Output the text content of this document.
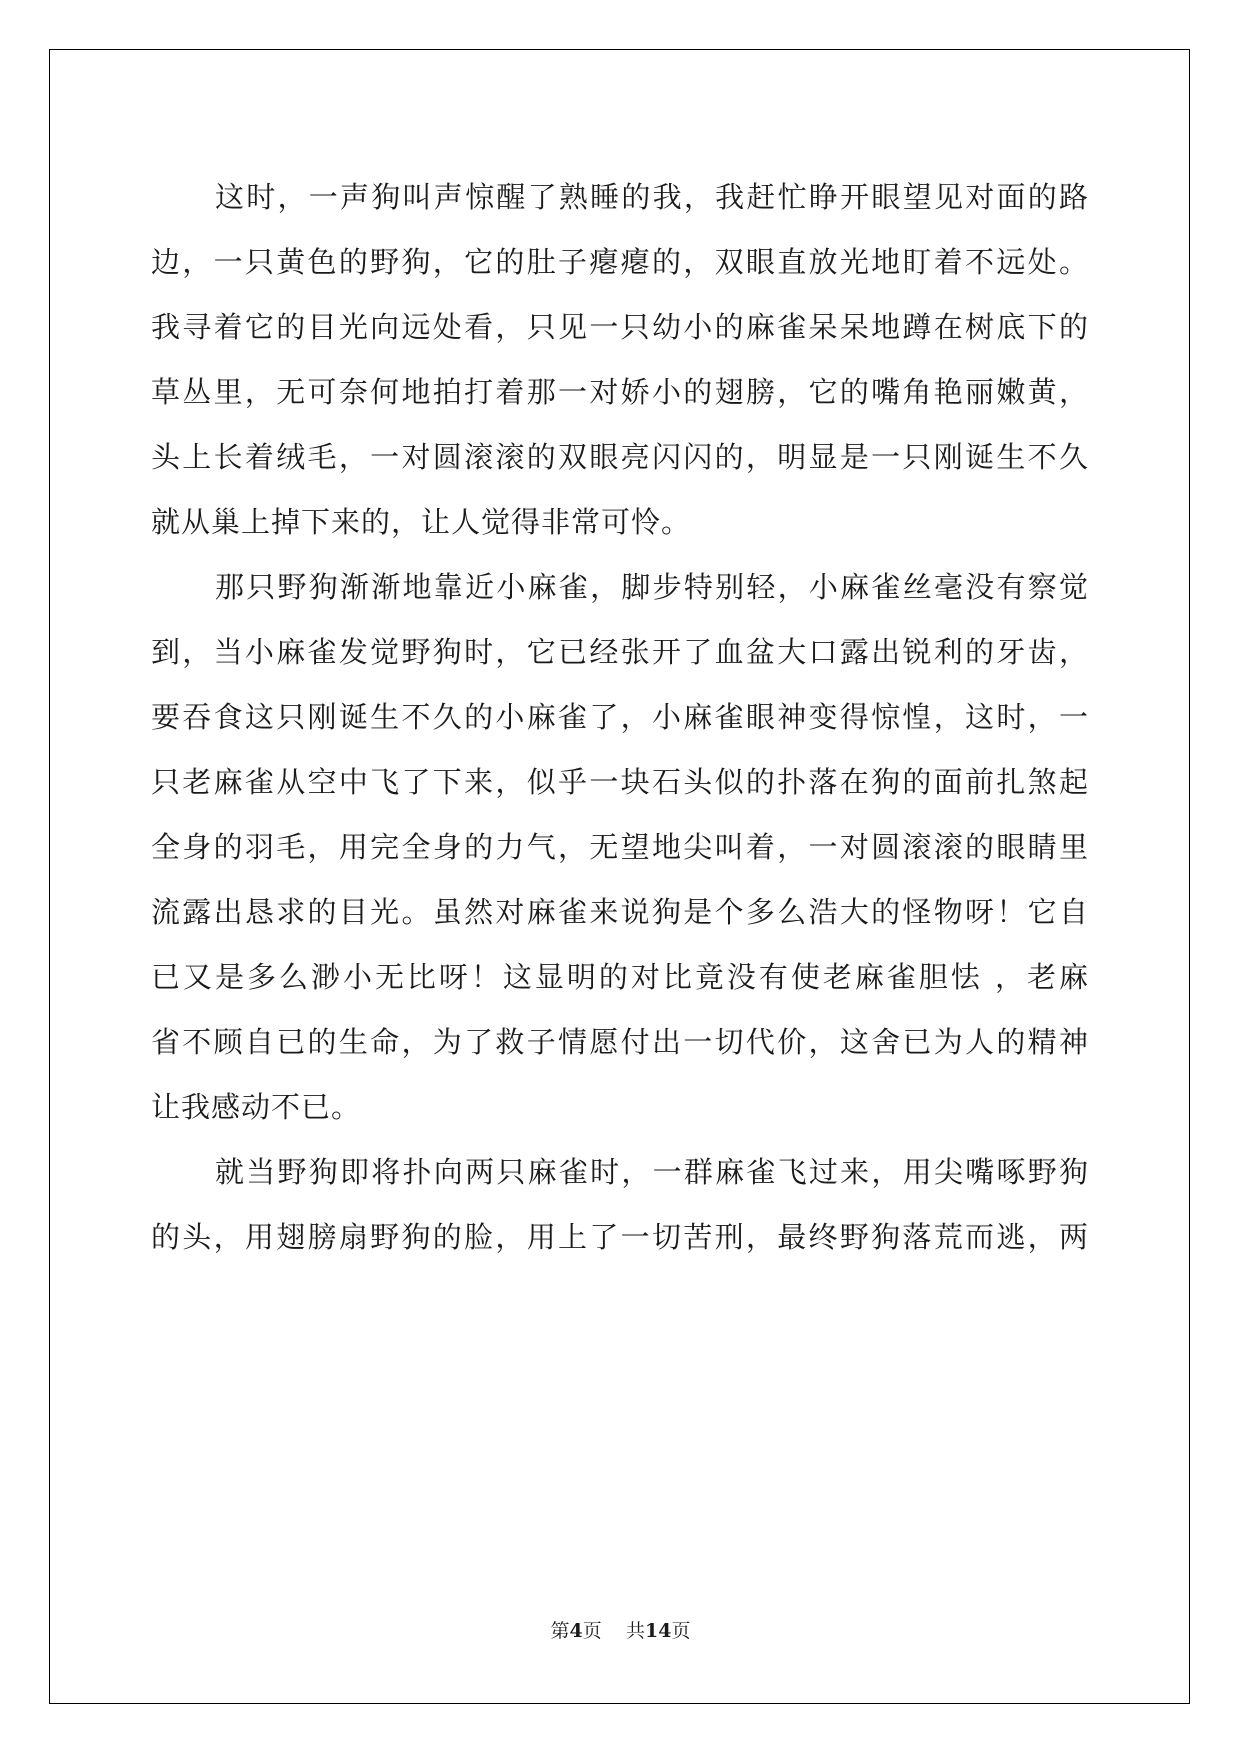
这时，一声狗叫声惊醒了熟睡的我，我赶忙睁开眼望见对面的路
边，一只黄色的野狗，它的肚子瘪瘪的，双眼直放光地盯着不远处。
我寻着它的目光向远处看，只见一只幼小的麻雀呆呆地蹲在树底下的
草丛里，无可奈何地拍打着那一对娇小的翅膀，它的嘴角艳丽嫩黄，
头上长着绒毛，一对圆滚滚的双眼亮闪闪的，明显是一只刚诞生不久
就从巢上掉下来的，让人觉得非常可怜。
那只野狗渐渐地靠近小麻雀，脚步特别轻，小麻雀丝毫没有察觉
到，当小麻雀发觉野狗时，它已经张开了血盆大口露出锐利的牙齿，
要吞食这只刚诞生不久的小麻雀了，小麻雀眼神变得惊惶，这时，一
只老麻雀从空中飞了下来，似乎一块石头似的扑落在狗的面前扎煞起
全身的羽毛，用完全身的力气，无望地尖叫着，一对圆滚滚的眼睛里
流露出恳求的目光。虽然对麻雀来说狗是个多么浩大的怪物呀！它自
已又是多么渺小无比呀！这显明的对比竟没有使老麻雀胆怯 ，老麻
省不顾自已的生命，为了救子情愿付出一切代价，这舍已为人的精神
让我感动不已。
就当野狗即将扑向两只麻雀时，一群麻雀飞过来，用尖嘴啄野狗
的头，用翅膀扇野狗的脸，用上了一切苦刑，最终野狗落荒而逃，两
第4页 共14页
